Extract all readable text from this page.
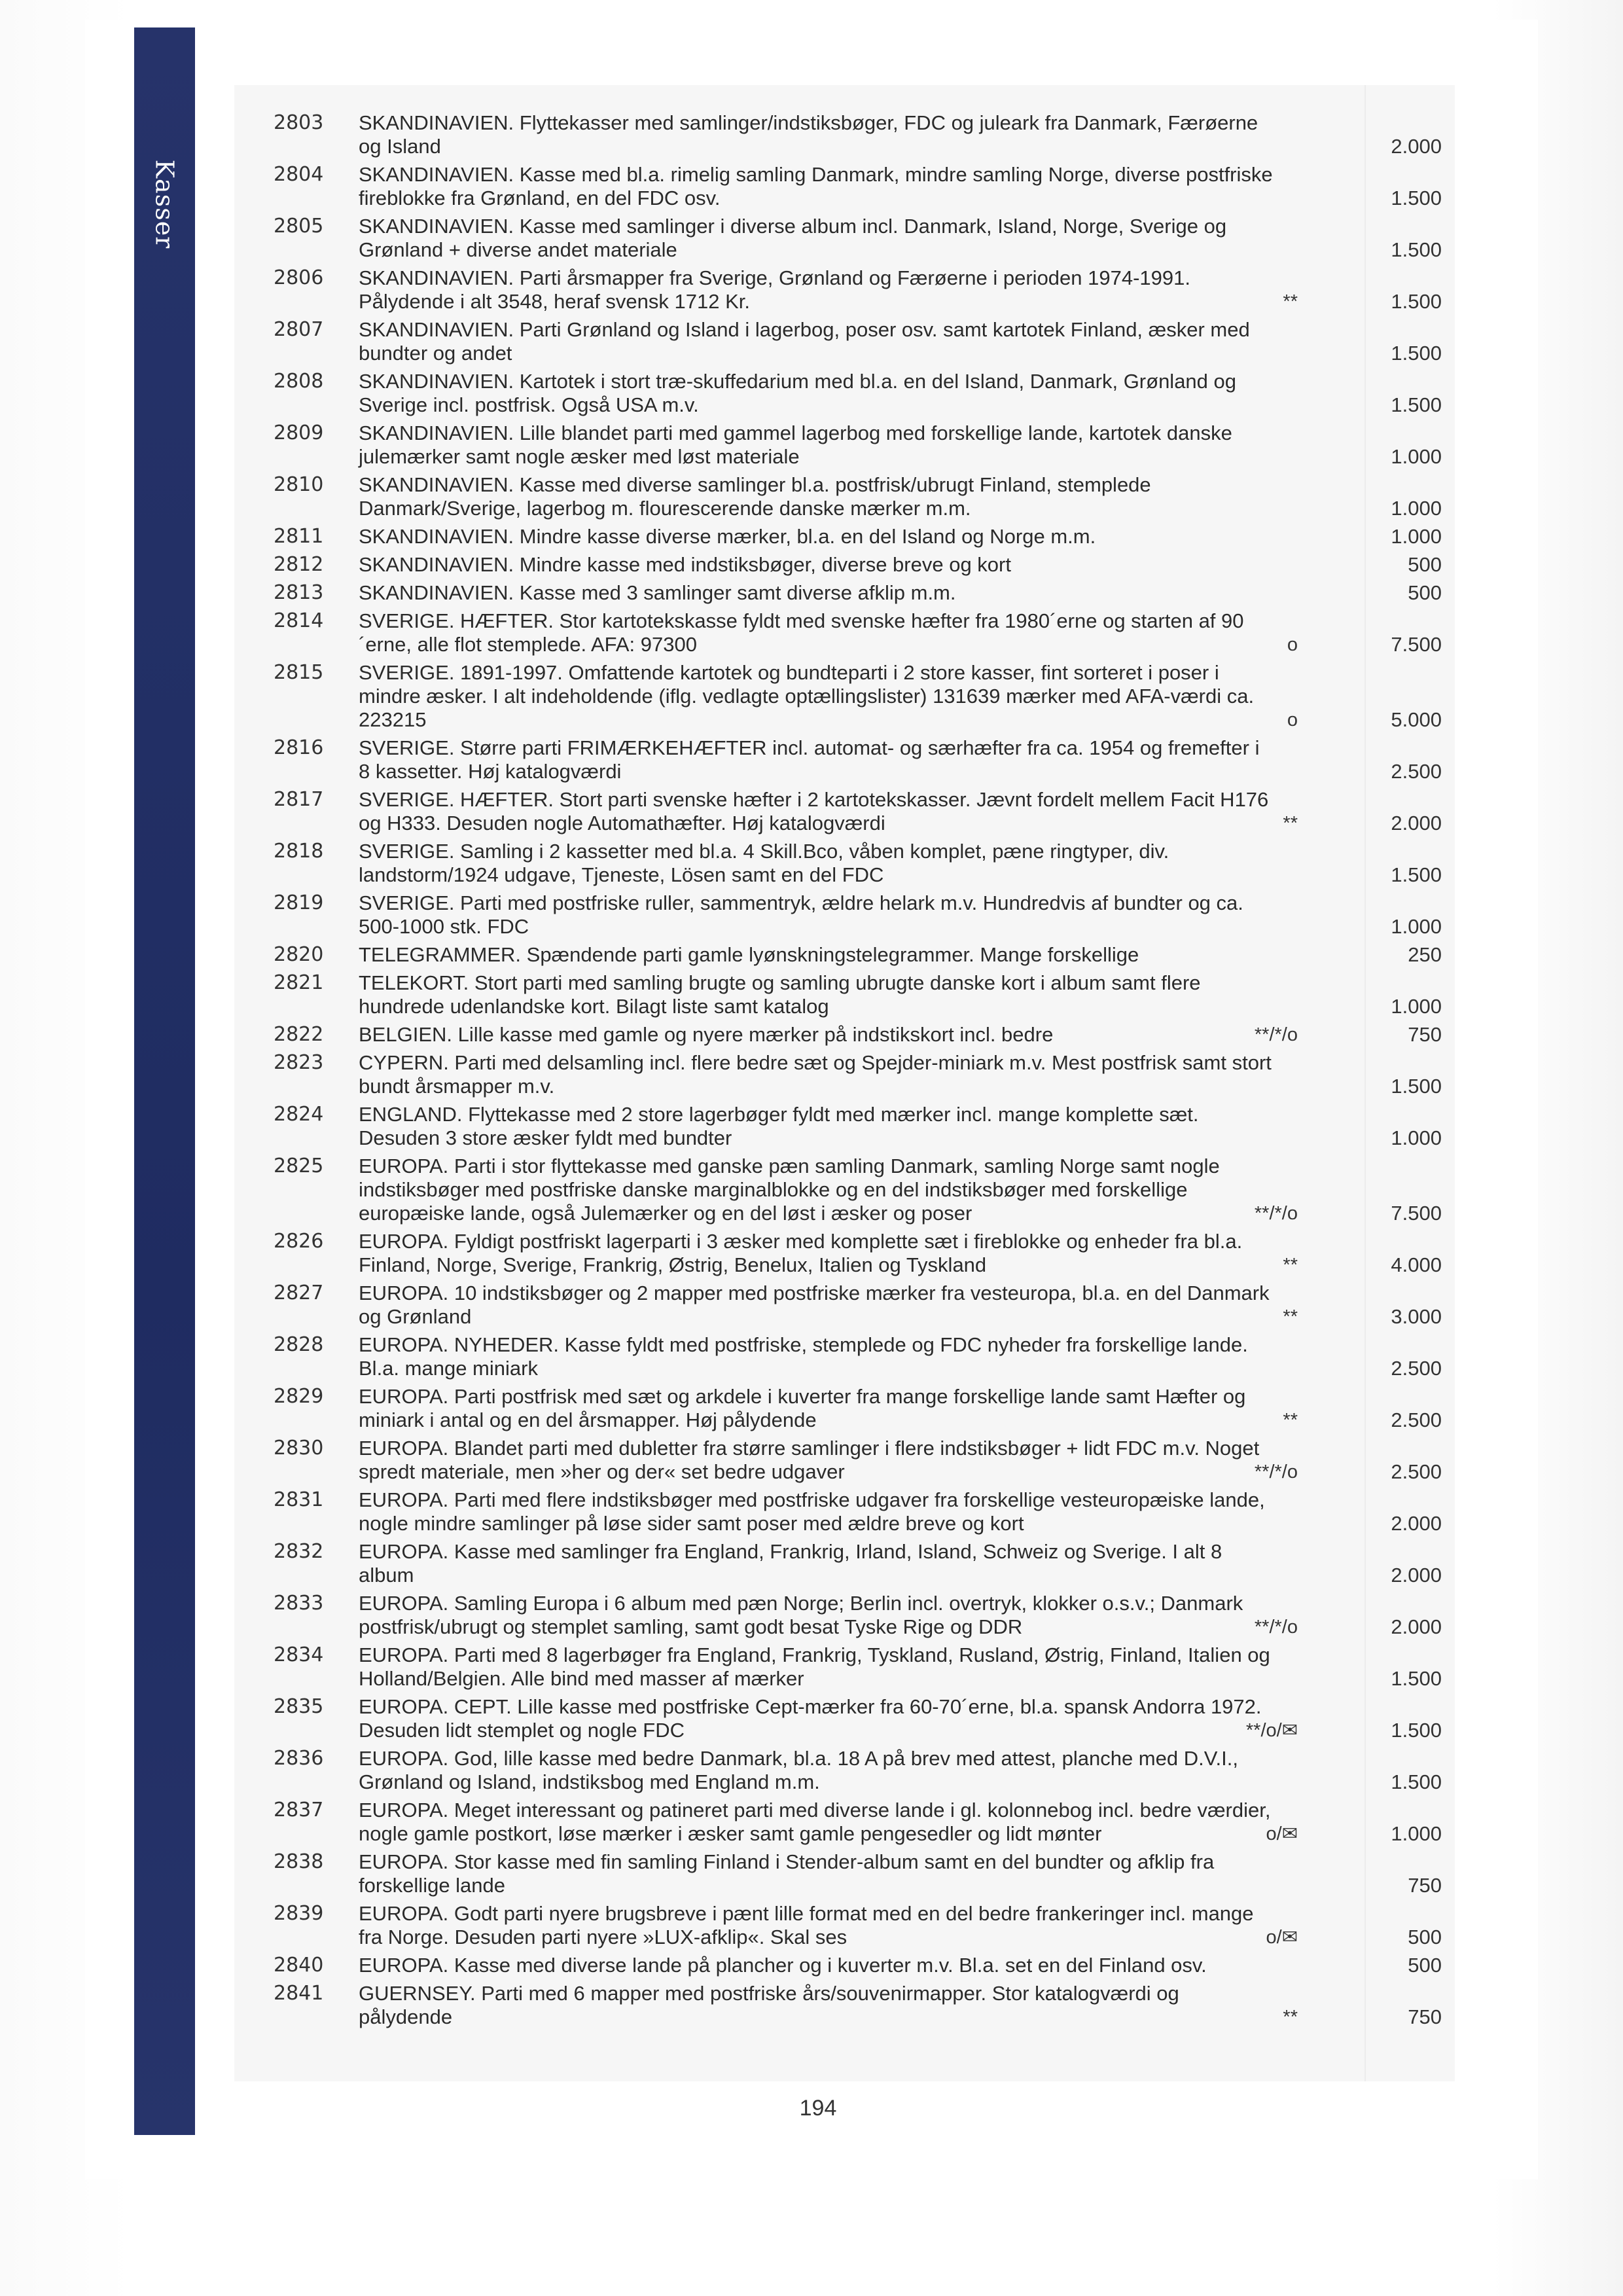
Kasser
2803	SKANDINAVIEN. Flyttekasser med samlinger/indstiksbøger, FDC og juleark fra Danmark, Færøerne og Island	2.000
2804	SKANDINAVIEN. Kasse med bl.a. rimelig samling Danmark, mindre samling Norge, diverse postfriske fireblokke fra Grønland, en del FDC osv.	1.500
2805	SKANDINAVIEN. Kasse med samlinger i diverse album incl. Danmark, Island, Norge, Sverige og Grønland + diverse andet materiale	1.500
2806	SKANDINAVIEN. Parti årsmapper fra Sverige, Grønland og Færøerne i perioden 1974-1991. Pålydende i alt 3548, heraf svensk 1712 Kr.	**	1.500
2807	SKANDINAVIEN. Parti Grønland og Island i lagerbog, poser osv. samt kartotek Finland, æsker med bundter og andet	1.500
2808	SKANDINAVIEN. Kartotek i stort træ-skuffedarium med bl.a. en del Island, Danmark, Grønland og Sverige incl. postfrisk. Også USA m.v.	1.500
2809	SKANDINAVIEN. Lille blandet parti med gammel lagerbog med forskellige lande, kartotek danske julemærker samt nogle æsker med løst materiale	1.000
2810	SKANDINAVIEN. Kasse med diverse samlinger bl.a. postfrisk/ubrugt Finland, stemplede Danmark/Sverige, lagerbog m. flourescerende danske mærker m.m.	1.000
2811	SKANDINAVIEN. Mindre kasse diverse mærker, bl.a. en del Island og Norge m.m.	1.000
2812	SKANDINAVIEN. Mindre kasse med indstiksbøger, diverse breve og kort	500
2813	SKANDINAVIEN. Kasse med 3 samlinger samt diverse afklip m.m.	500
2814	SVERIGE. HÆFTER. Stor kartotekskasse fyldt med svenske hæfter fra 1980´erne og starten af 90´erne, alle flot stemplede. AFA: 97300	o	7.500
2815	SVERIGE. 1891-1997. Omfattende kartotek og bundteparti i 2 store kasser, fint sorteret i poser i mindre æsker. I alt indeholdende (iflg. vedlagte optællingslister) 131639 mærker med AFA-værdi ca. 223215	o	5.000
2816	SVERIGE. Større parti FRIMÆRKEHÆFTER incl. automat- og særhæfter fra ca. 1954 og fremefter i 8 kassetter. Høj katalogværdi	2.500
2817	SVERIGE. HÆFTER. Stort parti svenske hæfter i 2 kartotekskasser. Jævnt fordelt mellem Facit H176 og H333. Desuden nogle Automathæfter. Høj katalogværdi	**	2.000
2818	SVERIGE. Samling i 2 kassetter med bl.a. 4 Skill.Bco, våben komplet, pæne ringtyper, div. landstorm/1924 udgave, Tjeneste, Lösen samt en del FDC	1.500
2819	SVERIGE. Parti med postfriske ruller, sammentryk, ældre helark m.v. Hundredvis af bundter og ca. 500-1000 stk. FDC	1.000
2820	TELEGRAMMER. Spændende parti gamle lyønskningstelegrammer. Mange forskellige	250
2821	TELEKORT. Stort parti med samling brugte og samling ubrugte danske kort i album samt flere hundrede udenlandske kort. Bilagt liste samt katalog	1.000
2822	BELGIEN. Lille kasse med gamle og nyere mærker på indstikskort incl. bedre	**/*/o	750
2823	CYPERN. Parti med delsamling incl. flere bedre sæt og Spejder-miniark m.v. Mest postfrisk samt stort bundt årsmapper m.v.	1.500
2824	ENGLAND. Flyttekasse med 2 store lagerbøger fyldt med mærker incl. mange komplette sæt. Desuden 3 store æsker fyldt med bundter	1.000
2825	EUROPA. Parti i stor flyttekasse med ganske pæn samling Danmark, samling Norge samt nogle indstiksbøger med postfriske danske marginalblokke og en del indstiksbøger med forskellige europæiske lande, også Julemærker og en del løst i æsker og poser	**/*/o	7.500
2826	EUROPA. Fyldigt postfriskt lagerparti i 3 æsker med komplette sæt i fireblokke og enheder fra bl.a. Finland, Norge, Sverige, Frankrig, Østrig, Benelux, Italien og Tyskland	**	4.000
2827	EUROPA. 10 indstiksbøger og 2 mapper med postfriske mærker fra vesteuropa, bl.a. en del Danmark og Grønland	**	3.000
2828	EUROPA. NYHEDER. Kasse fyldt med postfriske, stemplede og FDC nyheder fra forskellige lande. Bl.a. mange miniark	2.500
2829	EUROPA. Parti postfrisk med sæt og arkdele i kuverter fra mange forskellige lande samt Hæfter og miniark i antal og en del årsmapper. Høj pålydende	**	2.500
2830	EUROPA. Blandet parti med dubletter fra større samlinger i flere indstiksbøger + lidt FDC m.v. Noget spredt materiale, men »her og der« set bedre udgaver	**/*/o	2.500
2831	EUROPA. Parti med flere indstiksbøger med postfriske udgaver fra forskellige vesteuropæiske lande, nogle mindre samlinger på løse sider samt poser med ældre breve og kort	2.000
2832	EUROPA. Kasse med samlinger fra England, Frankrig, Irland, Island, Schweiz og Sverige. I alt 8 album	2.000
2833	EUROPA. Samling Europa i 6 album med pæn Norge; Berlin incl. overtryk, klokker o.s.v.; Danmark postfrisk/ubrugt og stemplet samling, samt godt besat Tyske Rige og DDR	**/*/o	2.000
2834	EUROPA. Parti med 8 lagerbøger fra England, Frankrig, Tyskland, Rusland, Østrig, Finland, Italien og Holland/Belgien. Alle bind med masser af mærker	1.500
2835	EUROPA. CEPT. Lille kasse med postfriske Cept-mærker fra 60-70´erne, bl.a. spansk Andorra 1972. Desuden lidt stemplet og nogle FDC	**/o/✉	1.500
2836	EUROPA. God, lille kasse med bedre Danmark, bl.a. 18 A på brev med attest, planche med D.V.I., Grønland og Island, indstiksbog med England m.m.	1.500
2837	EUROPA. Meget interessant og patineret parti med diverse lande i gl. kolonnebog incl. bedre værdier, nogle gamle postkort, løse mærker i æsker samt gamle pengesedler og lidt mønter	o/✉	1.000
2838	EUROPA. Stor kasse med fin samling Finland i Stender-album samt en del bundter og afklip fra forskellige lande	750
2839	EUROPA. Godt parti nyere brugsbreve i pænt lille format med en del bedre frankeringer incl. mange fra Norge. Desuden parti nyere »LUX-afklip«. Skal ses	o/✉	500
2840	EUROPA. Kasse med diverse lande på plancher og i kuverter m.v. Bl.a. set en del Finland osv.	500
2841	GUERNSEY. Parti med 6 mapper med postfriske års/souvenirmapper. Stor katalogværdi og pålydende	**	750
194
